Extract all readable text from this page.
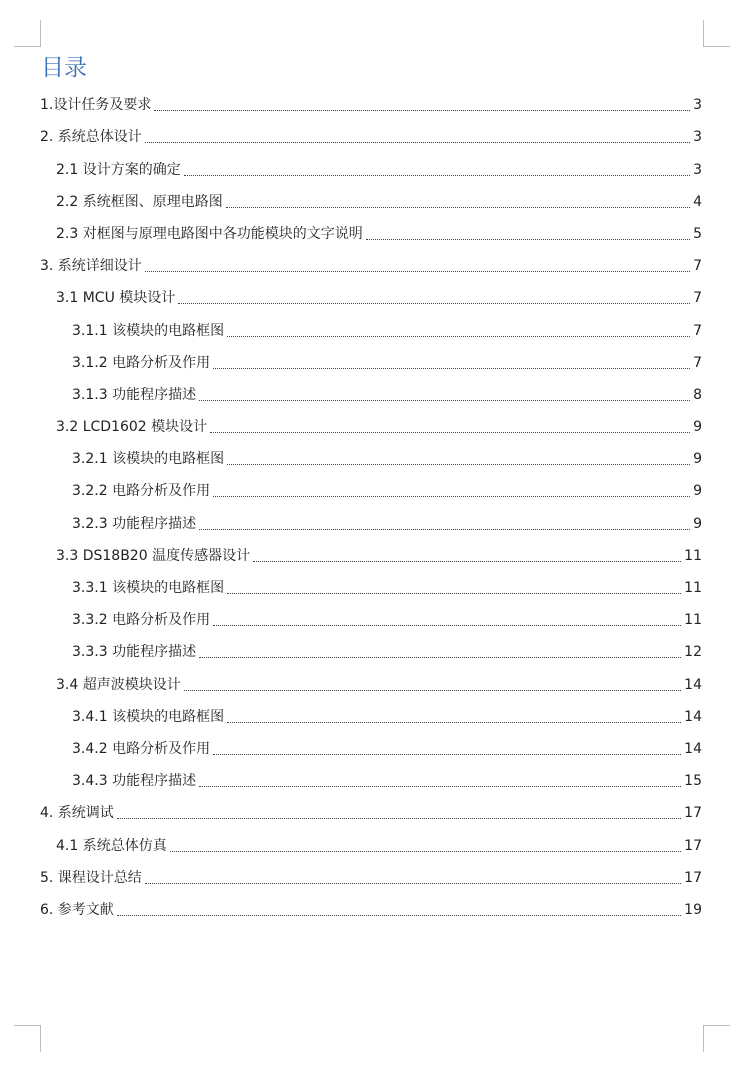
目录
1.设计任务及要求	3
2. 系统总体设计	3
2.1 设计方案的确定	3
2.2 系统框图、原理电路图	4
2.3 对框图与原理电路图中各功能模块的文字说明	5
3. 系统详细设计	7
3.1 MCU 模块设计	7
3.1.1 该模块的电路框图	7
3.1.2 电路分析及作用	7
3.1.3 功能程序描述	8
3.2 LCD1602 模块设计	9
3.2.1 该模块的电路框图	9
3.2.2 电路分析及作用	9
3.2.3 功能程序描述	9
3.3 DS18B20 温度传感器设计	11
3.3.1 该模块的电路框图	11
3.3.2 电路分析及作用	11
3.3.3 功能程序描述	12
3.4 超声波模块设计	14
3.4.1 该模块的电路框图	14
3.4.2 电路分析及作用	14
3.4.3 功能程序描述	15
4. 系统调试	17
4.1 系统总体仿真	17
5. 课程设计总结	17
6. 参考文献	19
